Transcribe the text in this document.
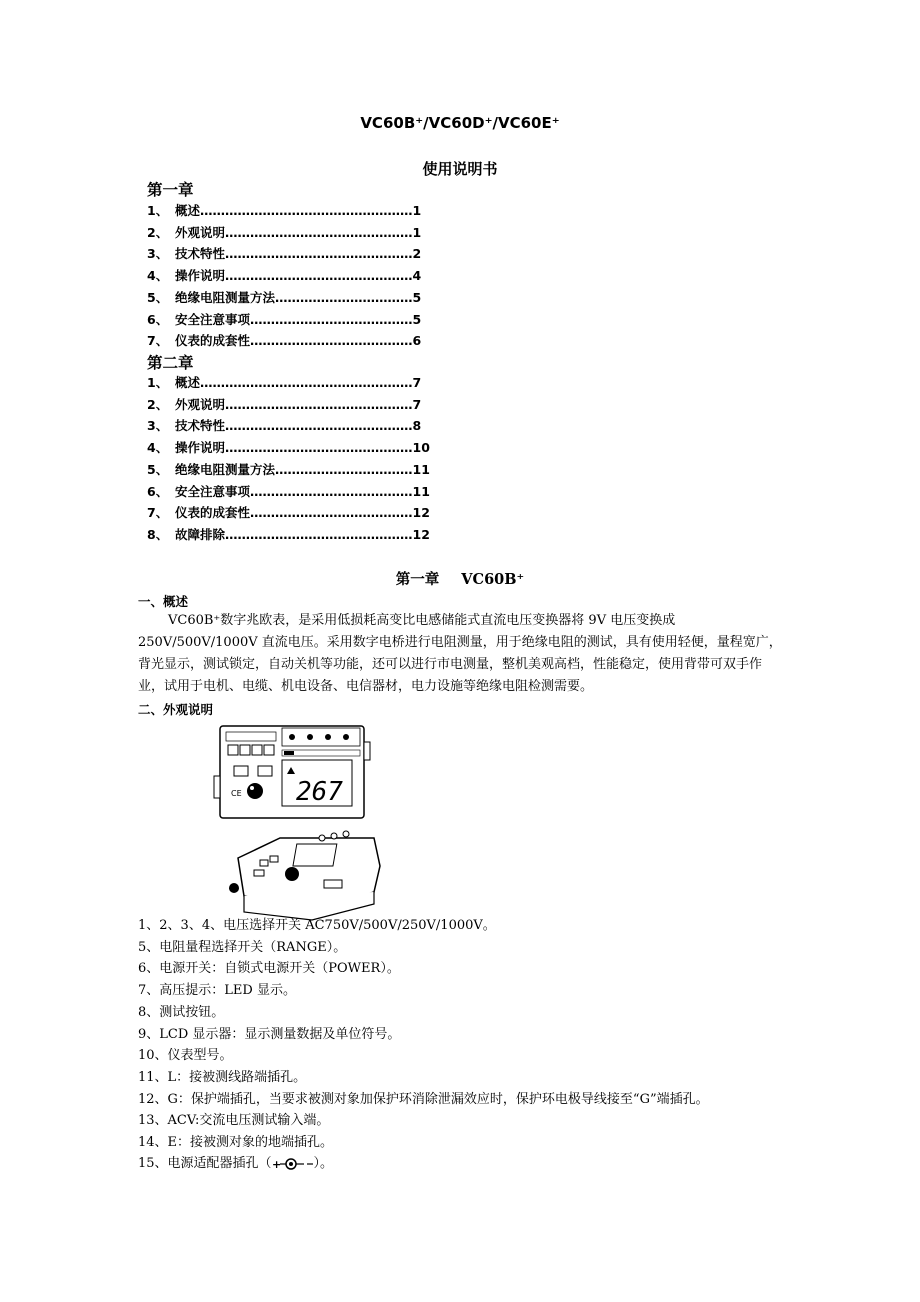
VC60B⁺/VC60D⁺/VC60E⁺
使用说明书
第一章
1、 概述……………………………………………1
2、 外观说明………………………………………1
3、 技术特性………………………………………2
4、 操作说明………………………………………4
5、 绝缘电阻测量方法……………………………5
6、 安全注意事项…………………………………5
7、 仪表的成套性…………………………………6
第二章
1、 概述……………………………………………7
2、 外观说明………………………………………7
3、 技术特性………………………………………8
4、 操作说明………………………………………10
5、 绝缘电阻测量方法……………………………11
6、 安全注意事项…………………………………11
7、 仪表的成套性…………………………………12
8、 故障排除………………………………………12
第一章 VC60B⁺
一、概述
VC60B⁺数字兆欧表，是采用低损耗高变比电感储能式直流电压变换器将 9V 电压变换成 250V/500V/1000V 直流电压。采用数字电桥进行电阻测量，用于绝缘电阻的测试，具有使用轻便，量程宽广，背光显示，测试锁定，自动关机等功能，还可以进行市电测量，整机美观高档，性能稳定，使用背带可双手作业，试用于电机、电缆、机电设备、电信器材，电力设施等绝缘电阻检测需要。
二、外观说明
CE 267
1、2、3、4、电压选择开关 AC750V/500V/250V/1000V。
5、电阻量程选择开关（RANGE）。
6、电源开关：自锁式电源开关（POWER）。
7、高压提示：LED 显示。
8、测试按钮。
9、LCD 显示器：显示测量数据及单位符号。
10、仪表型号。
11、L：接被测线路端插孔。
12、G：保护端插孔，当要求被测对象加保护环消除泄漏效应时，保护环电极导线接至“G”端插孔。
13、ACV:交流电压测试输入端。
14、E：接被测对象的地端插孔。
15、电源适配器插孔（ +	）。
